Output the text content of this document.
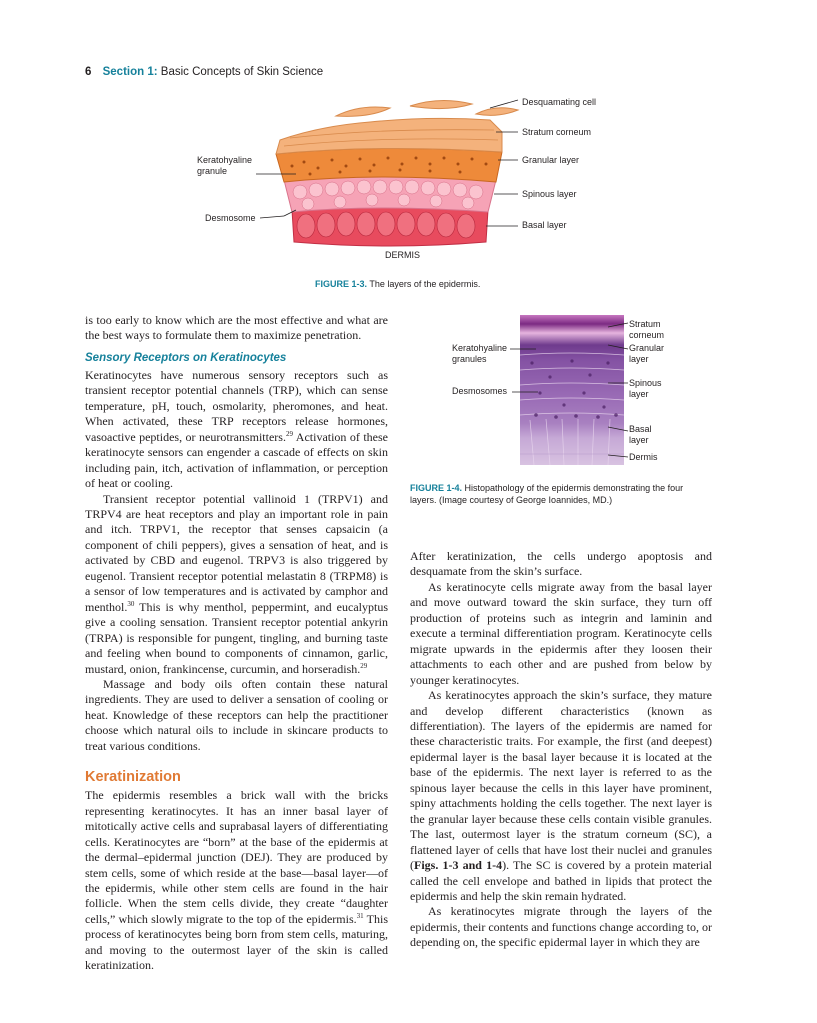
6 Section 1: Basic Concepts of Skin Science
Desquamating cell
Stratum corneum
Granular layer
Spinous layer
Basal layer
Keratohyaline
granule
Desmosome
DERMIS
FIGURE 1-3. The layers of the epidermis.
Stratum
corneum
Granular
layer
Spinous
layer
Basal
layer
Dermis
Keratohyaline
granules
Desmosomes
FIGURE 1-4. Histopathology of the epidermis demonstrating the four layers. (Image courtesy of George Ioannides, MD.)

is too early to know which are the most effective and what are the best ways to formulate them to maximize penetration.

Sensory Receptors on Keratinocytes

Keratinocytes have numerous sensory receptors such as transient receptor potential channels (TRP), which can sense temperature, pH, touch, osmolarity, pheromones, and heat. When activated, these TRP receptors release hormones, vasoactive peptides, or neurotransmitters.$^{29}$ Activation of these keratinocyte sensors can engender a cascade of effects on skin including pain, itch, activation of inflammation, or perception of heat or cooling.

Transient receptor potential vallinoid 1 (TRPV1) and TRPV4 are heat receptors and play an important role in pain and itch. TRPV1, the receptor that senses capsaicin (a component of chili peppers), gives a sensation of heat, and is activated by CBD and eugenol. TRPV3 is also triggered by eugenol. Transient receptor potential melastatin 8 (TRPM8) is a sensor of low temperatures and is activated by camphor and menthol.$^{30}$ This is why menthol, peppermint, and eucalyptus give a cooling sensation. Transient receptor potential ankyrin (TRPA) is responsible for pungent, tingling, and burning taste and feeling when bound to components of cinnamon, garlic, mustard, onion, frankincense, curcumin, and horseradish.$^{29}$

Massage and body oils often contain these natural ingredients. They are used to deliver a sensation of cooling or heat. Knowledge of these receptors can help the practitioner choose which natural oils to include in skincare products to treat various conditions.

Keratinization

The epidermis resembles a brick wall with the bricks representing keratinocytes. It has an inner basal layer of mitotically active cells and suprabasal layers of differentiating cells. Keratinocytes are “born” at the base of the epidermis at the dermal–epidermal junction (DEJ). They are produced by stem cells, some of which reside at the base—basal layer—of the epidermis, while other stem cells are found in the hair follicle. When the stem cells divide, they create “daughter cells,” which slowly migrate to the top of the epidermis.$^{31}$ This process of keratinocytes being born from stem cells, maturing, and moving to the outermost layer of the skin is called keratinization.

After keratinization, the cells undergo apoptosis and desquamate from the skin’s surface.

As keratinocyte cells migrate away from the basal layer and move outward toward the skin surface, they turn off production of proteins such as integrin and laminin and execute a terminal differentiation program. Keratinocyte cells migrate upwards in the epidermis after they loosen their attachments to each other and are pushed from below by younger keratinocytes.

As keratinocytes approach the skin’s surface, they mature and develop different characteristics (known as differentiation). The layers of the epidermis are named for these characteristic traits. For example, the first (and deepest) epidermal layer is the basal layer because it is located at the base of the epidermis. The next layer is referred to as the spinous layer because the cells in this layer have prominent, spiny attachments holding the cells together. The next layer is the granular layer because these cells contain visible granules. The last, outermost layer is the stratum corneum (SC), a flattened layer of cells that have lost their nuclei and granules (Figs. 1-3 and 1-4). The SC is covered by a protein material called the cell envelope and bathed in lipids that protect the epidermis and help the skin remain hydrated.

As keratinocytes migrate through the layers of the epidermis, their contents and functions change according to, or depending on, the specific epidermal layer in which they are
